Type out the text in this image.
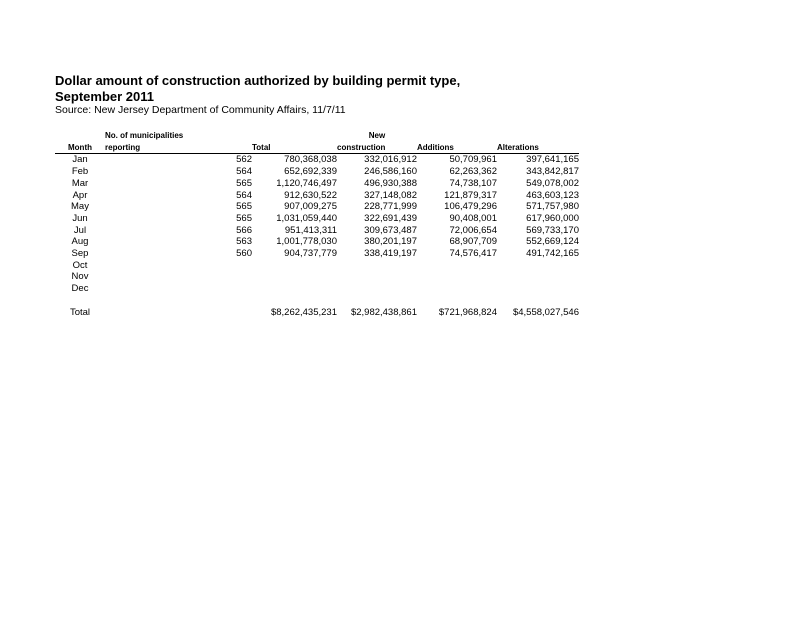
Dollar amount of construction authorized by building permit type,
September 2011
Source: New Jersey Department of Community Affairs, 11/7/11
	No. of municipalities		New		
Month	reporting	Total	construction	Additions	Alterations
Jan	562	780,368,038	332,016,912	50,709,961	397,641,165
Feb	564	652,692,339	246,586,160	62,263,362	343,842,817
Mar	565	1,120,746,497	496,930,388	74,738,107	549,078,002
Apr	564	912,630,522	327,148,082	121,879,317	463,603,123
May	565	907,009,275	228,771,999	106,479,296	571,757,980
Jun	565	1,031,059,440	322,691,439	90,408,001	617,960,000
Jul	566	951,413,311	309,673,487	72,006,654	569,733,170
Aug	563	1,001,778,030	380,201,197	68,907,709	552,669,124
Sep	560	904,737,779	338,419,197	74,576,417	491,742,165
Oct					
Nov					
Dec					

Total		$8,262,435,231	$2,982,438,861	$721,968,824	$4,558,027,546
